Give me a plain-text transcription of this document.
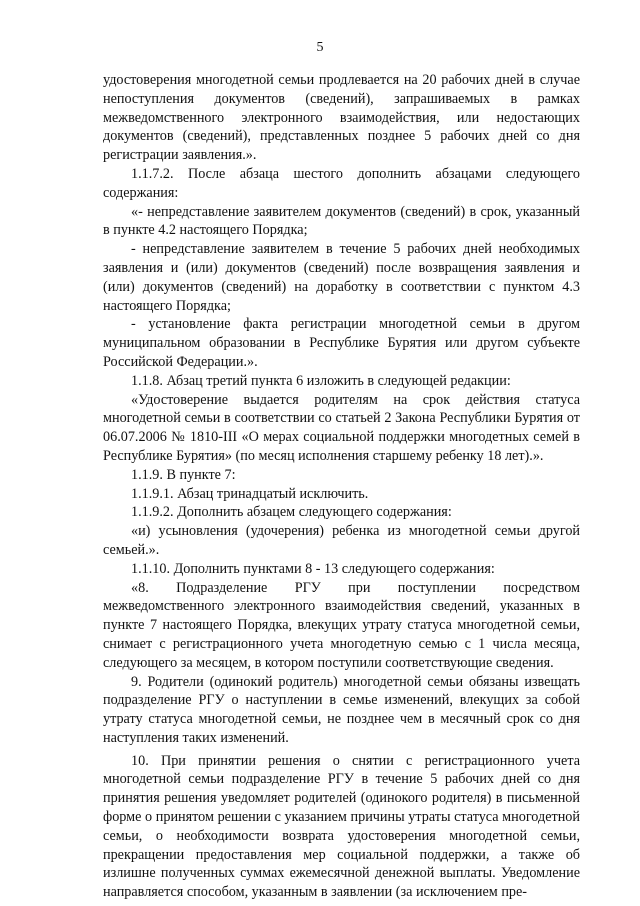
5

удостоверения многодетной семьи продлевается на 20 рабочих дней в случае непоступления документов (сведений), запрашиваемых в рамках межведомственного электронного взаимодействия, или недостающих документов (сведений), представленных позднее 5 рабочих дней со дня регистрации заявления.».

1.1.7.2. После абзаца шестого дополнить абзацами следующего содержания:

«- непредставление заявителем документов (сведений) в срок, указанный в пункте 4.2 настоящего Порядка;

- непредставление заявителем в течение 5 рабочих дней необходимых заявления и (или) документов (сведений) после возвращения заявления и (или) документов (сведений) на доработку в соответствии с пунктом 4.3 настоящего Порядка;

- установление факта регистрации многодетной семьи в другом муниципальном образовании в Республике Бурятия или другом субъекте Российской Федерации.».

1.1.8. Абзац третий пункта 6 изложить в следующей редакции:

«Удостоверение выдается родителям на срок действия статуса многодетной семьи в соответствии со статьей 2 Закона Республики Бурятия от 06.07.2006 № 1810-III «О мерах социальной поддержки многодетных семей в Республике Бурятия» (по месяц исполнения старшему ребенку 18 лет).».

1.1.9. В пункте 7:

1.1.9.1. Абзац тринадцатый исключить.

1.1.9.2. Дополнить абзацем следующего содержания:

«и) усыновления (удочерения) ребенка из многодетной семьи другой семьей.».

1.1.10. Дополнить пунктами 8 - 13 следующего содержания:

«8. Подразделение РГУ при поступлении посредством межведомственного электронного взаимодействия сведений, указанных в пункте 7 настоящего Порядка, влекущих утрату статуса многодетной семьи, снимает с регистрационного учета многодетную семью с 1 числа месяца, следующего за месяцем, в котором поступили соответствующие сведения.

9. Родители (одинокий родитель) многодетной семьи обязаны извещать подразделение РГУ о наступлении в семье изменений, влекущих за собой утрату статуса многодетной семьи, не позднее чем в месячный срок со дня наступления таких изменений.

10. При принятии решения о снятии с регистрационного учета многодетной семьи подразделение РГУ в течение 5 рабочих дней со дня принятия решения уведомляет родителей (одинокого родителя) в письменной форме о принятом решении с указанием причины утраты статуса многодетной семьи, о необходимости возврата удостоверения многодетной семьи, прекращении предоставления мер социальной поддержки, а также об излишне полученных суммах ежемесячной денежной выплаты. Уведомление направляется способом, указанным в заявлении (за исключением пре-
